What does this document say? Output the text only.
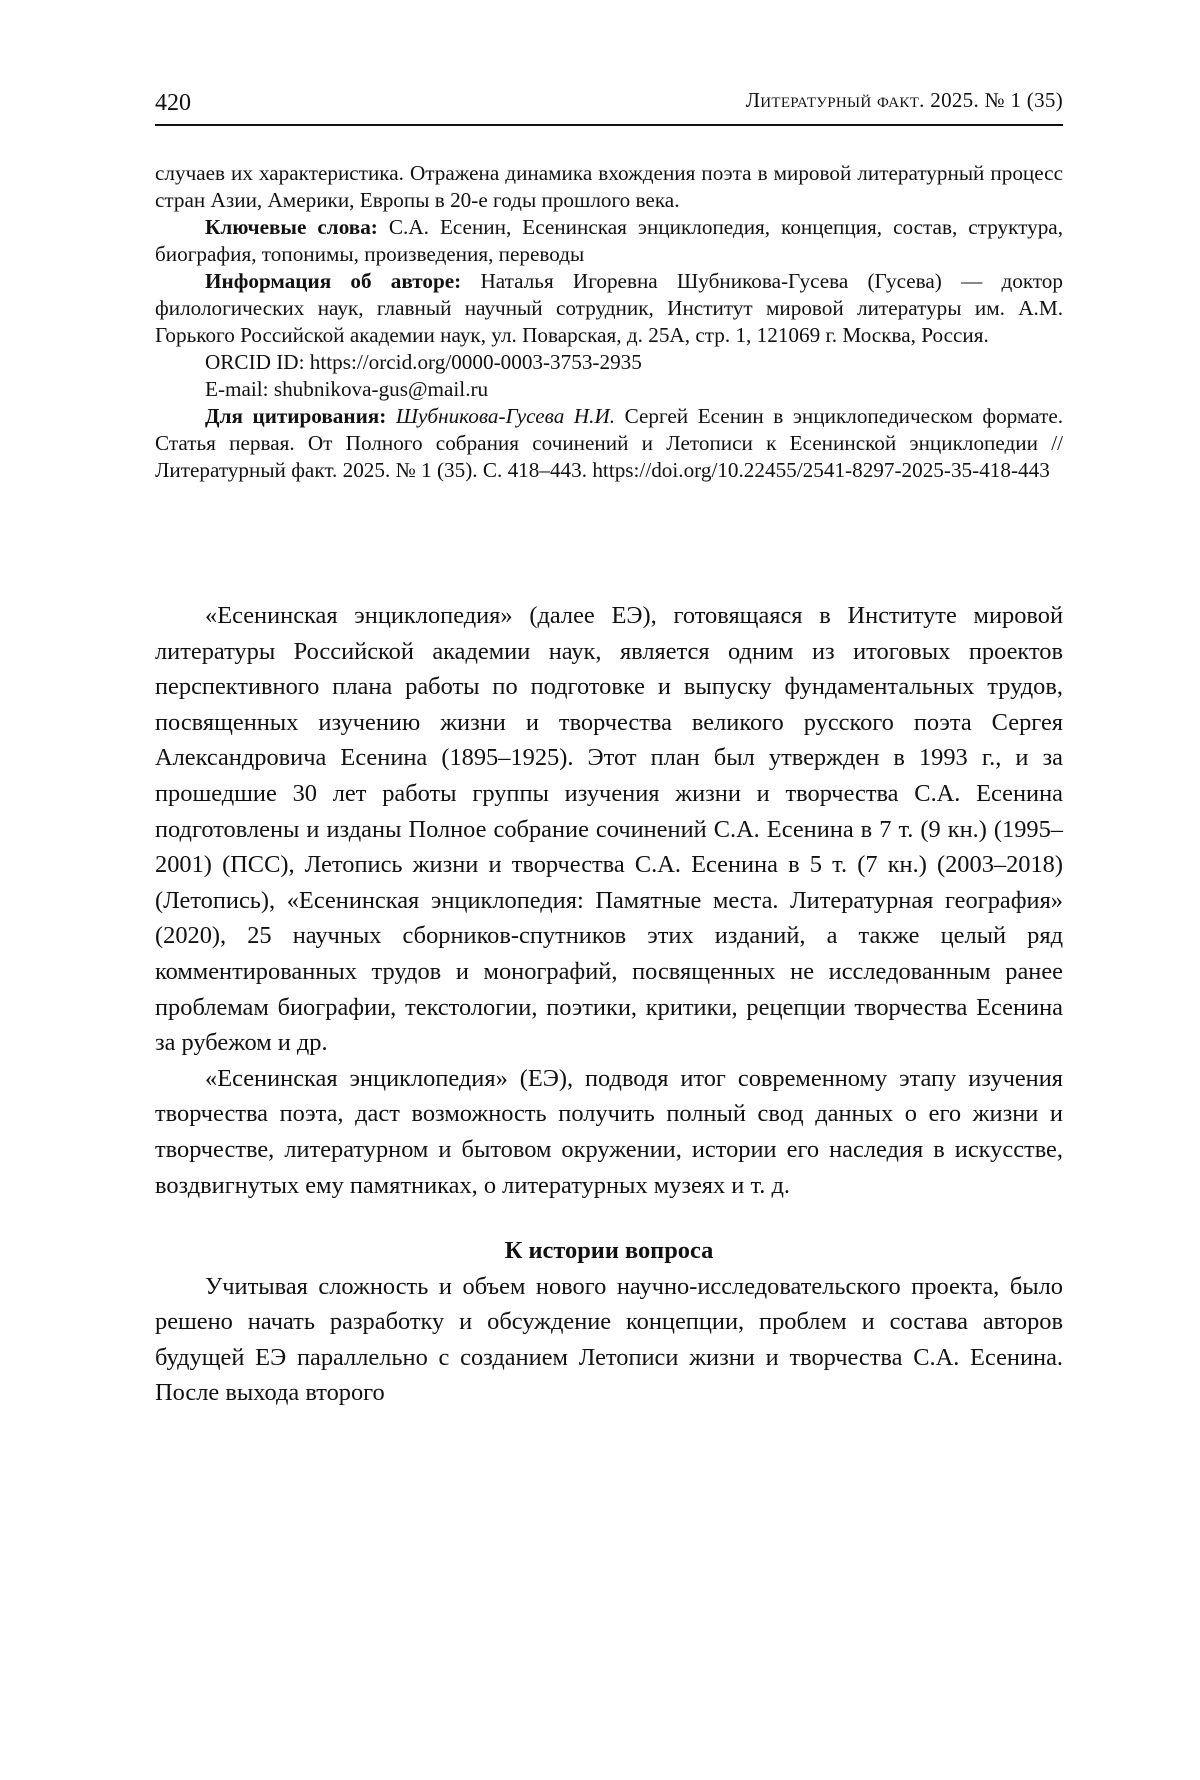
420	Литературный факт. 2025. № 1 (35)

случаев их характеристика. Отражена динамика вхождения поэта в мировой литературный процесс стран Азии, Америки, Европы в 20-е годы прошлого века.

Ключевые слова: С.А. Есенин, Есенинская энциклопедия, концепция, состав, структура, биография, топонимы, произведения, переводы

Информация об авторе: Наталья Игоревна Шубникова-Гусева (Гусева) — доктор филологических наук, главный научный сотрудник, Институт мировой литературы им. А.М. Горького Российской академии наук, ул. Поварская, д. 25А, стр. 1, 121069 г. Москва, Россия.

ORCID ID: https://orcid.org/0000-0003-3753-2935

E-mail: shubnikova-gus@mail.ru

Для цитирования: Шубникова-Гусева Н.И. Сергей Есенин в энциклопедическом формате. Статья первая. От Полного собрания сочинений и Летописи к Есенинской энциклопедии // Литературный факт. 2025. № 1 (35). С. 418–443. https://doi.org/10.22455/2541-8297-2025-35-418-443

«Есенинская энциклопедия» (далее ЕЭ), готовящаяся в Институте мировой литературы Российской академии наук, является одним из итоговых проектов перспективного плана работы по подготовке и выпуску фундаментальных трудов, посвященных изучению жизни и творчества великого русского поэта Сергея Александровича Есенина (1895–1925). Этот план был утвержден в 1993 г., и за прошедшие 30 лет работы группы изучения жизни и творчества С.А. Есенина подготовлены и изданы Полное собрание сочинений С.А. Есенина в 7 т. (9 кн.) (1995–2001) (ПСС), Летопись жизни и творчества С.А. Есенина в 5 т. (7 кн.) (2003–2018) (Летопись), «Есенинская энциклопедия: Памятные места. Литературная география» (2020), 25 научных сборников-спутников этих изданий, а также целый ряд комментированных трудов и монографий, посвященных не исследованным ранее проблемам биографии, текстологии, поэтики, критики, рецепции творчества Есенина за рубежом и др.

«Есенинская энциклопедия» (ЕЭ), подводя итог современному этапу изучения творчества поэта, даст возможность получить полный свод данных о его жизни и творчестве, литературном и бытовом окружении, истории его наследия в искусстве, воздвигнутых ему памятниках, о литературных музеях и т. д.

К истории вопроса

Учитывая сложность и объем нового научно-исследовательского проекта, было решено начать разработку и обсуждение концепции, проблем и состава авторов будущей ЕЭ параллельно с созданием Летописи жизни и творчества С.А. Есенина. После выхода второго
